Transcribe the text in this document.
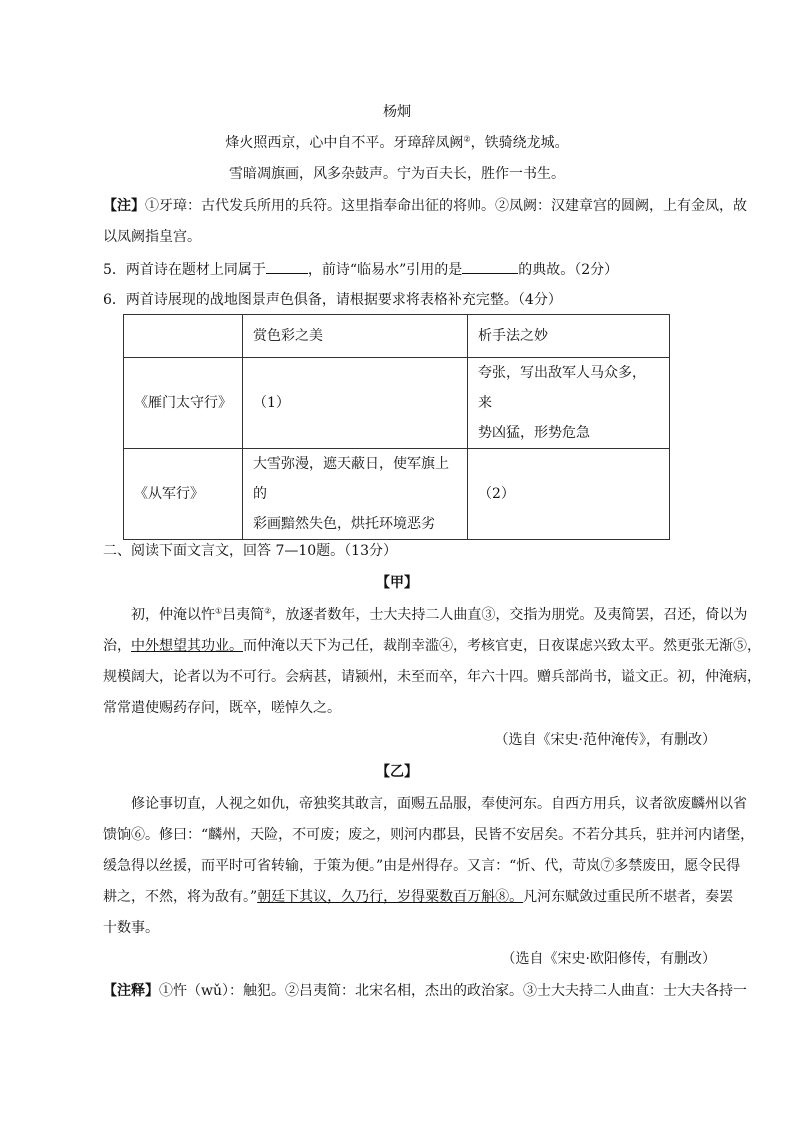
杨炯
烽火照西京，心中自不平。牙璋辞凤阙②，铁骑绕龙城。
雪暗凋旗画，风多杂鼓声。宁为百夫长，胜作一书生。
【注】①牙璋：古代发兵所用的兵符。这里指奉命出征的将帅。②凤阙：汉建章宫的圆阙，上有金凤，故
以凤阙指皇宫。
5．两首诗在题材上同属于	，前诗“临易水”引用的是	的典故。（2分）
6．两首诗展现的战地图景声色俱备，请根据要求将表格补充完整。（4分）
	赏色彩之美	析手法之妙
《雁门太守行》	（1）	夸张，写出敌军人马众多，来
势凶猛，形势危急

《从军行》	大雪弥漫，遮天蔽日，使军旗上的
彩画黯然失色，烘托环境恶劣	（2）
二、阅读下面文言文，回答 7—10题。（13分）
【甲】
初，仲淹以忤①吕夷简②，放逐者数年，士大夫持二人曲直③，交指为朋党。及夷简罢，召还，倚以为
治，中外想望其功业。而仲淹以天下为己任，裁削幸滥④，考核官吏，日夜谋虑兴致太平。然更张无渐⑤，
规模阔大，论者以为不可行。会病甚，请颍州，未至而卒，年六十四。赠兵部尚书，谥文正。初，仲淹病，
常常遣使赐药存问，既卒，嗟悼久之。
（选自《宋史·范仲淹传》，有删改）
【乙】
修论事切直，人视之如仇，帝独奖其敢言，面赐五品服，奉使河东。自西方用兵，议者欲废麟州以省
馈饷⑥。修曰：“麟州，天险，不可废；废之，则河内郡县，民皆不安居矣。不若分其兵，驻并河内诸堡，
缓急得以丝援，而平时可省转输，于策为便。”由是州得存。又言：“忻、代，苛岚⑦多禁废田，愿令民得
耕之，不然，将为敌有。”朝廷下其议，久乃行，岁得粟数百万斛⑧。凡河东赋敛过重民所不堪者，奏罢
十数事。
（选自《宋史·欧阳修传，有删改）
【注释】①忤（wǔ）：触犯。②吕夷简：北宋名相，杰出的政治家。③士大夫持二人曲直：士大夫各持一
